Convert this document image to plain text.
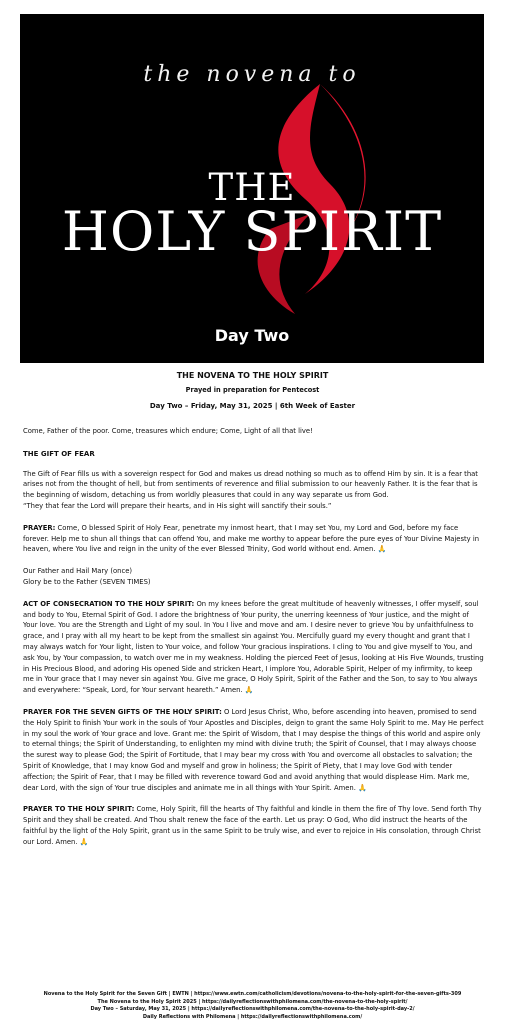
the novena to
THE
HOLY SPIRIT
Day Two
THE NOVENA TO THE HOLY SPIRIT
Prayed in preparation for Pentecost
Day Two – Friday, May 31, 2025 | 6th Week of Easter

Come, Father of the poor. Come, treasures which endure; Come, Light of all that live!

THE GIFT OF FEAR

The Gift of Fear fills us with a sovereign respect for God and makes us dread nothing so much as to offend Him by sin. It is a fear that arises not from the thought of hell, but from sentiments of reverence and filial submission to our heavenly Father. It is the fear that is the beginning of wisdom, detaching us from worldly pleasures that could in any way separate us from God.
“They that fear the Lord will prepare their hearts, and in His sight will sanctify their souls.”

PRAYER: Come, O blessed Spirit of Holy Fear, penetrate my inmost heart, that I may set You, my Lord and God, before my face forever. Help me to shun all things that can offend You, and make me worthy to appear before the pure eyes of Your Divine Majesty in heaven, where You live and reign in the unity of the ever Blessed Trinity, God world without end. Amen. 🙏

Our Father and Hail Mary (once)
Glory be to the Father (SEVEN TIMES)

ACT OF CONSECRATION TO THE HOLY SPIRIT: On my knees before the great multitude of heavenly witnesses, I offer myself, soul and body to You, Eternal Spirit of God. I adore the brightness of Your purity, the unerring keenness of Your justice, and the might of Your love. You are the Strength and Light of my soul. In You I live and move and am. I desire never to grieve You by unfaithfulness to grace, and I pray with all my heart to be kept from the smallest sin against You. Mercifully guard my every thought and grant that I may always watch for Your light, listen to Your voice, and follow Your gracious inspirations. I cling to You and give myself to You, and ask You, by Your compassion, to watch over me in my weakness. Holding the pierced Feet of Jesus, looking at His Five Wounds, trusting in His Precious Blood, and adoring His opened Side and stricken Heart, I implore You, Adorable Spirit, Helper of my infirmity, to keep me in Your grace that I may never sin against You. Give me grace, O Holy Spirit, Spirit of the Father and the Son, to say to You always and everywhere: “Speak, Lord, for Your servant heareth.” Amen. 🙏

PRAYER FOR THE SEVEN GIFTS OF THE HOLY SPIRIT: O Lord Jesus Christ, Who, before ascending into heaven, promised to send the Holy Spirit to finish Your work in the souls of Your Apostles and Disciples, deign to grant the same Holy Spirit to me. May He perfect in my soul the work of Your grace and love. Grant me: the Spirit of Wisdom, that I may despise the things of this world and aspire only to eternal things; the Spirit of Understanding, to enlighten my mind with divine truth; the Spirit of Counsel, that I may always choose the surest way to please God; the Spirit of Fortitude, that I may bear my cross with You and overcome all obstacles to salvation; the Spirit of Knowledge, that I may know God and myself and grow in holiness; the Spirit of Piety, that I may love God with tender affection; the Spirit of Fear, that I may be filled with reverence toward God and avoid anything that would displease Him. Mark me, dear Lord, with the sign of Your true disciples and animate me in all things with Your Spirit. Amen. 🙏

PRAYER TO THE HOLY SPIRIT: Come, Holy Spirit, fill the hearts of Thy faithful and kindle in them the fire of Thy love. Send forth Thy Spirit and they shall be created. And Thou shalt renew the face of the earth. Let us pray: O God, Who did instruct the hearts of the faithful by the light of the Holy Spirit, grant us in the same Spirit to be truly wise, and ever to rejoice in His consolation, through Christ our Lord. Amen. 🙏

Novena to the Holy Spirit for the Seven Gift | EWTN | https://www.ewtn.com/catholicism/devotions/novena-to-the-holy-spirit-for-the-seven-gifts-309
The Novena to the Holy Spirit 2025 | https://dailyreflectionswithphilomena.com/the-novena-to-the-holy-spirit/
Day Two – Saturday, May 31, 2025 | https://dailyreflectionswithphilomena.com/the-novena-to-the-holy-spirit-day-2/
Daily Reflections with Philomena | https://dailyreflectionswithphilomena.com/
